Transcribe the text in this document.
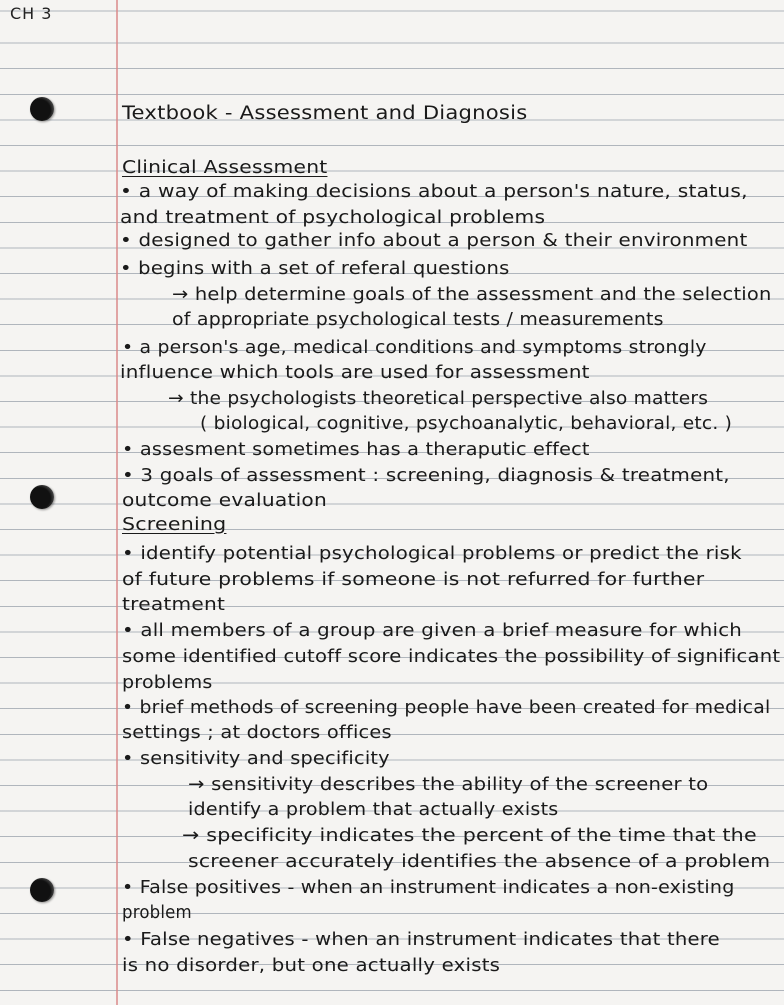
CH 3
Textbook - Assessment and Diagnosis
Clinical Assessment
• a way of making decisions about a person's nature, status,
and treatment of psychological problems
• designed to gather info about a person & their environment
• begins with a set of referal questions
→ help determine goals of the assessment and the selection
of appropriate psychological tests / measurements
• a person's age, medical conditions and symptoms strongly
influence which tools are used for assessment
→ the psychologists theoretical perspective also matters
( biological, cognitive, psychoanalytic, behavioral, etc. )
• assesment sometimes has a theraputic effect
• 3 goals of assessment : screening, diagnosis & treatment,
outcome evaluation
Screening
• identify potential psychological problems or predict the risk
of future problems if someone is not refurred for further
treatment
• all members of a group are given a brief measure for which
some identified cutoff score indicates the possibility of significant
problems
• brief methods of screening people have been created for medical
settings ; at doctors offices
• sensitivity and specificity
→ sensitivity describes the ability of the screener to
identify a problem that actually exists
→ specificity indicates the percent of the time that the
screener accurately identifies the absence of a problem
• False positives - when an instrument indicates a non-existing
problem
• False negatives - when an instrument indicates that there
is no disorder, but one actually exists
